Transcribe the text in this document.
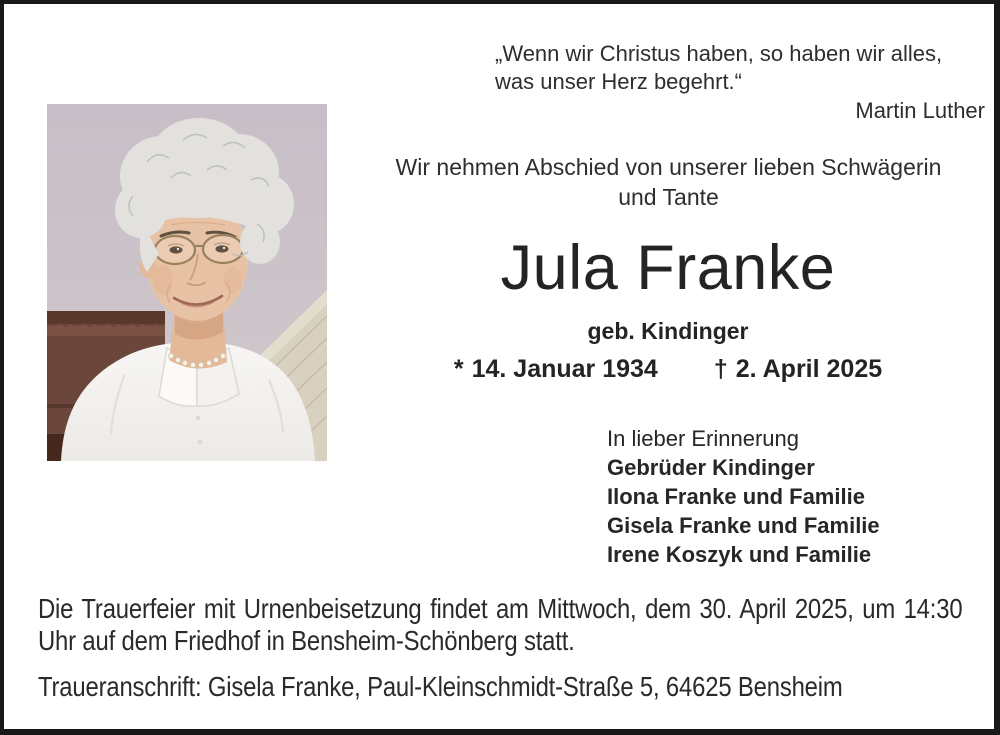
„Wenn wir Christus haben, so haben wir alles,
was unser Herz begehrt.“
Martin Luther
Wir nehmen Abschied von unserer lieben Schwägerin und Tante
Jula Franke
geb. Kindinger
* 14. Januar 1934 † 2. April 2025
In lieber Erinnerung
Gebrüder Kindinger
Ilona Franke und Familie
Gisela Franke und Familie
Irene Koszyk und Familie
Die Trauerfeier mit Urnenbeisetzung findet am Mittwoch, dem 30. April 2025, um 14:30 Uhr auf dem Friedhof in Bensheim-Schönberg statt.
Traueranschrift: Gisela Franke, Paul-Kleinschmidt-Straße 5, 64625 Bensheim
